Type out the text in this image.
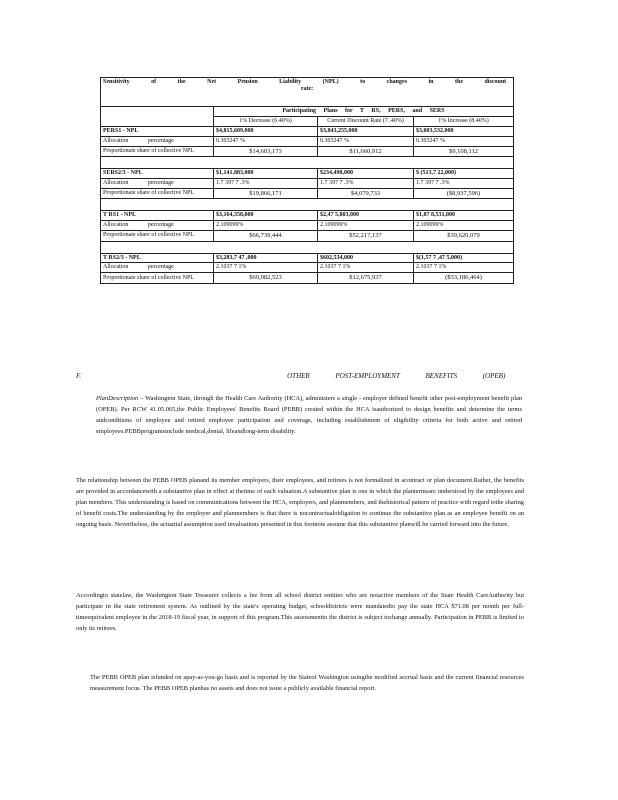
Sensitivity of the Net Pension Liability (NPL) to changes in the discount
rate:			

	Participating Plans for T RS, PERS, and SERS		
	1% Decrease (6.40%)	Current Discount Rate (7 .40%)	1% Increase (8.40%)
PERS1 - NPL	$4,815,609,000	$3,843,255,000	$3,003,532,000
Allocation percentage	0.303247 %	0.303247 %	0.303247 %
Proportionate share of collective NPL	$14,603,173	$11,660,912	$9,108,112

SERS2/3 - NPL	$1,141,883,000	$234,498,000	$ (513,7 22,000)
Allocation percentage	1.7 397 7 .3%	1.7 397 7 .3%	1.7 397 7 .3%
Proportionate share of collective NPL	$19,866,171	$4,079,733	($8,937,596)

T RS1 - NPL	$3,164,358,000	$2,47 5,803,000	$1,87 8,531,000
Allocation percentage	2.109099%	2.109099%	2.109099%
Proportionate share of collective NPL	$66,739,444	$52,217,137	$39,620,079

T RS2/3 - NPL	$3,283,7 47 ,000	$602,534,000	$(1,57 7 ,47 5,000)
Allocation percentage	2.1037 7 1%	2.1037 7 1%	2.1037 7 1%
Proportionate share of collective NPL	$69,082,523	$12,675,937	($33,186,464)
F.	OTHER POST-EMPLOYMENT BENEFITS (OPEB)
PlanDescription – Washington State, through the Health Care Authority (HCA), administers a single - employer defined benefit other post-employment benefit plan (OPEB). Per RCW 41.05.065,the Public Employees' Benefits Board (PEBB) created within the HCA isauthorized to design benefits and determine the terms andconditions of employee and retired employee participation and coverage, including establishment of eligibility criteria for both active and retired employees.PEBBprogramsinclude medical,dental, lifeandlong-term disability.
The relationship between the PEBB OPEB planand its member employers, their employees, and retirees is not formalized in acontract or plan document.Rather, the benefits are provided in accordancewith a substantive plan in effect at thetime of each valuation.A substantive plan is one in which the plantermsare understood by the employees and plan members. This understanding is based on communications between the HCA, employers, and planmembers, and thehistorical pattern of practice with regard tothe sharing of benefit costs.The understanding by the employer and planmembers is that there is nocontractualobligation to continue the substantive plan as an employee benefit on an ongoing basis. Nevertheless, the actuarial assumption used invaluations presented in this footnote assume that this substantive planwill be carried forward into the future.
Accordingto statelaw, the Washington State Treasurer collects a fee from all school district entities who are notactive members of the State Health CareAuthority but participate in the state retirement system. As outlined by the state's operating budget, schooldistricts were mandatedto pay the state HCA $71.08 per month per full-timeequivalent employee in the 2018-19 fiscal year, in support of this program.This assessmentto the district is subject tochange annually. Participation in PEBB is limited to only its retirees.
The PEBB OPEB plan isfunded on apay-as-you-go basis and is reported by the Stateof Washington usingthe modified accrual basis and the current financial resources measurement focus. The PEBB OPEB planhas no assets and does not issue a publicly available financial report.
